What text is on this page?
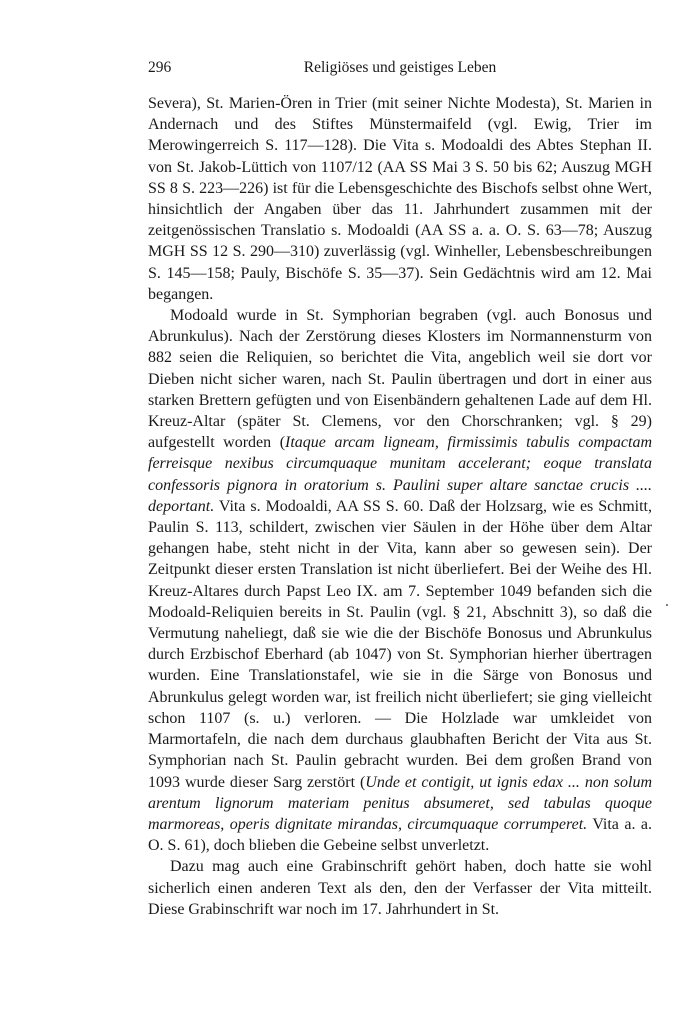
296	Religiöses und geistiges Leben

Severa), St. Marien-Ören in Trier (mit seiner Nichte Modesta), St. Marien in Andernach und des Stiftes Münstermaifeld (vgl. Ewig, Trier im Merowingerreich S. 117—128). Die Vita s. Modoaldi des Abtes Stephan II. von St. Jakob-Lüttich von 1107/12 (AA SS Mai 3 S. 50 bis 62; Auszug MGH SS 8 S. 223—226) ist für die Lebensgeschichte des Bischofs selbst ohne Wert, hinsichtlich der Angaben über das 11. Jahrhundert zusammen mit der zeitgenössischen Translatio s. Modoaldi (AA SS a. a. O. S. 63—78; Auszug MGH SS 12 S. 290—310) zuverlässig (vgl. Winheller, Lebensbeschreibungen S. 145—158; Pauly, Bischöfe S. 35—37). Sein Gedächtnis wird am 12. Mai begangen.

Modoald wurde in St. Symphorian begraben (vgl. auch Bonosus und Abrunkulus). Nach der Zerstörung dieses Klosters im Normannensturm von 882 seien die Reliquien, so berichtet die Vita, angeblich weil sie dort vor Dieben nicht sicher waren, nach St. Paulin übertragen und dort in einer aus starken Brettern gefügten und von Eisenbändern gehaltenen Lade auf dem Hl. Kreuz-Altar (später St. Clemens, vor den Chorschranken; vgl. § 29) aufgestellt worden (Itaque arcam ligneam, firmissimis tabulis compactam ferreisque nexibus circumquaque munitam accelerant; eoque translata confessoris pignora in oratorium s. Paulini super altare sanctae crucis .... deportant. Vita s. Modoaldi, AA SS S. 60. Daß der Holzsarg, wie es Schmitt, Paulin S. 113, schildert, zwischen vier Säulen in der Höhe über dem Altar gehangen habe, steht nicht in der Vita, kann aber so gewesen sein). Der Zeitpunkt dieser ersten Translation ist nicht überliefert. Bei der Weihe des Hl. Kreuz-Altares durch Papst Leo IX. am 7. September 1049 befanden sich die Modoald-Reliquien bereits in St. Paulin (vgl. § 21, Abschnitt 3), so daß die Vermutung naheliegt, daß sie wie die der Bischöfe Bonosus und Abrunkulus durch Erzbischof Eberhard (ab 1047) von St. Symphorian hierher übertragen wurden. Eine Translationstafel, wie sie in die Särge von Bonosus und Abrunkulus gelegt worden war, ist freilich nicht überliefert; sie ging vielleicht schon 1107 (s. u.) verloren. — Die Holzlade war umkleidet von Marmortafeln, die nach dem durchaus glaubhaften Bericht der Vita aus St. Symphorian nach St. Paulin gebracht wurden. Bei dem großen Brand von 1093 wurde dieser Sarg zerstört (Unde et contigit, ut ignis edax ... non solum arentum lignorum materiam penitus absumeret, sed tabulas quoque marmoreas, operis dignitate mirandas, circumquaque corrumperet. Vita a. a. O. S. 61), doch blieben die Gebeine selbst unverletzt.

Dazu mag auch eine Grabinschrift gehört haben, doch hatte sie wohl sicherlich einen anderen Text als den, den der Verfasser der Vita mitteilt. Diese Grabinschrift war noch im 17. Jahrhundert in St.
